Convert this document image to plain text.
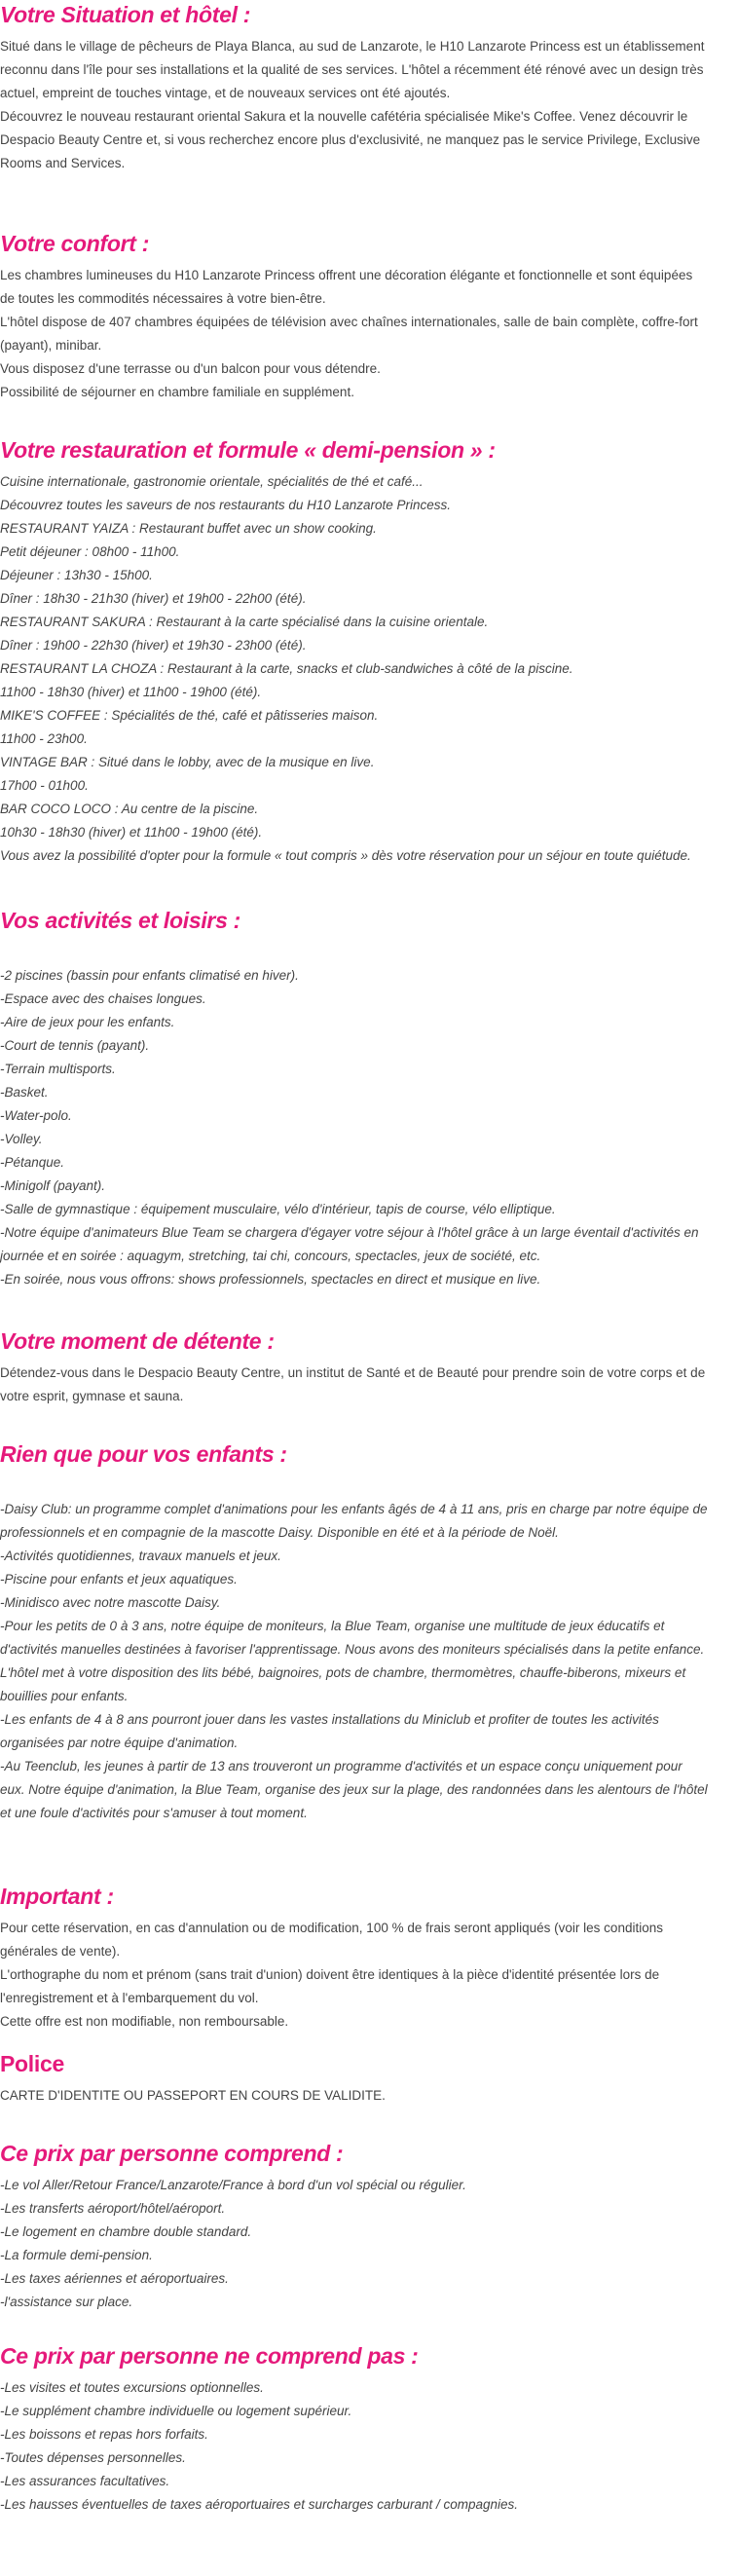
Votre Situation et hôtel :

Situé dans le village de pêcheurs de Playa Blanca, au sud de Lanzarote, le H10 Lanzarote Princess est un établissement

reconnu dans l'île pour ses installations et la qualité de ses services. L'hôtel a récemment été rénové avec un design très

actuel, empreint de touches vintage, et de nouveaux services ont été ajoutés.

Découvrez le nouveau restaurant oriental Sakura et la nouvelle cafétéria spécialisée Mike's Coffee. Venez découvrir le

Despacio Beauty Centre et, si vous recherchez encore plus d'exclusivité, ne manquez pas le service Privilege, Exclusive

Rooms and Services.

Votre confort :

Les chambres lumineuses du H10 Lanzarote Princess offrent une décoration élégante et fonctionnelle et sont équipées

de toutes les commodités nécessaires à votre bien-être.

L'hôtel dispose de 407 chambres équipées de télévision avec chaînes internationales, salle de bain complète, coffre-fort

(payant), minibar.

Vous disposez d'une terrasse ou d'un balcon pour vous détendre.

Possibilité de séjourner en chambre familiale en supplément.

Votre restauration et formule « demi-pension » :

Cuisine internationale, gastronomie orientale, spécialités de thé et café...

Découvrez toutes les saveurs de nos restaurants du H10 Lanzarote Princess.

RESTAURANT YAIZA : Restaurant buffet avec un show cooking.

Petit déjeuner : 08h00 - 11h00.

Déjeuner : 13h30 - 15h00.

Dîner : 18h30 - 21h30 (hiver) et 19h00 - 22h00 (été).

RESTAURANT SAKURA : Restaurant à la carte spécialisé dans la cuisine orientale.

Dîner : 19h00 - 22h30 (hiver) et 19h30 - 23h00 (été).

RESTAURANT LA CHOZA : Restaurant à la carte, snacks et club-sandwiches à côté de la piscine.

11h00 - 18h30 (hiver) et 11h00 - 19h00 (été).

MIKE'S COFFEE : Spécialités de thé, café et pâtisseries maison.

11h00 - 23h00.

VINTAGE BAR : Situé dans le lobby, avec de la musique en live.

17h00 - 01h00.

BAR COCO LOCO : Au centre de la piscine.

10h30 - 18h30 (hiver) et 11h00 - 19h00 (été).

Vous avez la possibilité d'opter pour la formule « tout compris » dès votre réservation pour un séjour en toute quiétude.

Vos activités et loisirs :

-2 piscines (bassin pour enfants climatisé en hiver).

-Espace avec des chaises longues.

-Aire de jeux pour les enfants.

-Court de tennis (payant).

-Terrain multisports.

-Basket.

-Water-polo.

-Volley.

-Pétanque.

-Minigolf (payant).

-Salle de gymnastique : équipement musculaire, vélo d'intérieur, tapis de course, vélo elliptique.

-Notre équipe d'animateurs Blue Team se chargera d'égayer votre séjour à l'hôtel grâce à un large éventail d'activités en

journée et en soirée : aquagym, stretching, tai chi, concours, spectacles, jeux de société, etc.

-En soirée, nous vous offrons: shows professionnels, spectacles en direct et musique en live.

Votre moment de détente :

Détendez-vous dans le Despacio Beauty Centre, un institut de Santé et de Beauté pour prendre soin de votre corps et de

votre esprit, gymnase et sauna.

Rien que pour vos enfants :

-Daisy Club: un programme complet d'animations pour les enfants âgés de 4 à 11 ans, pris en charge par notre équipe de

professionnels et en compagnie de la mascotte Daisy. Disponible en été et à la période de Noël.

-Activités quotidiennes, travaux manuels et jeux.

-Piscine pour enfants et jeux aquatiques.

-Minidisco avec notre mascotte Daisy.

-Pour les petits de 0 à 3 ans, notre équipe de moniteurs, la Blue Team, organise une multitude de jeux éducatifs et

d'activités manuelles destinées à favoriser l'apprentissage. Nous avons des moniteurs spécialisés dans la petite enfance.

L'hôtel met à votre disposition des lits bébé, baignoires, pots de chambre, thermomètres, chauffe-biberons, mixeurs et

bouillies pour enfants.

-Les enfants de 4 à 8 ans pourront jouer dans les vastes installations du Miniclub et profiter de toutes les activités

organisées par notre équipe d'animation.

-Au Teenclub, les jeunes à partir de 13 ans trouveront un programme d'activités et un espace conçu uniquement pour

eux. Notre équipe d'animation, la Blue Team, organise des jeux sur la plage, des randonnées dans les alentours de l'hôtel

et une foule d'activités pour s'amuser à tout moment.

Important :

Pour cette réservation, en cas d'annulation ou de modification, 100 % de frais seront appliqués (voir les conditions

générales de vente).

L'orthographe du nom et prénom (sans trait d'union) doivent être identiques à la pièce d'identité présentée lors de

l'enregistrement et à l'embarquement du vol.

Cette offre est non modifiable, non remboursable.

Police

CARTE D'IDENTITE OU PASSEPORT EN COURS DE VALIDITE.

Ce prix par personne comprend :

-Le vol Aller/Retour France/Lanzarote/France à bord d'un vol spécial ou régulier.

-Les transferts aéroport/hôtel/aéroport.

-Le logement en chambre double standard.

-La formule demi-pension.

-Les taxes aériennes et aéroportuaires.

-l'assistance sur place.

Ce prix par personne ne comprend pas :

-Les visites et toutes excursions optionnelles.

-Le supplément chambre individuelle ou logement supérieur.

-Les boissons et repas hors forfaits.

-Toutes dépenses personnelles.

-Les assurances facultatives.

-Les hausses éventuelles de taxes aéroportuaires et surcharges carburant / compagnies.
